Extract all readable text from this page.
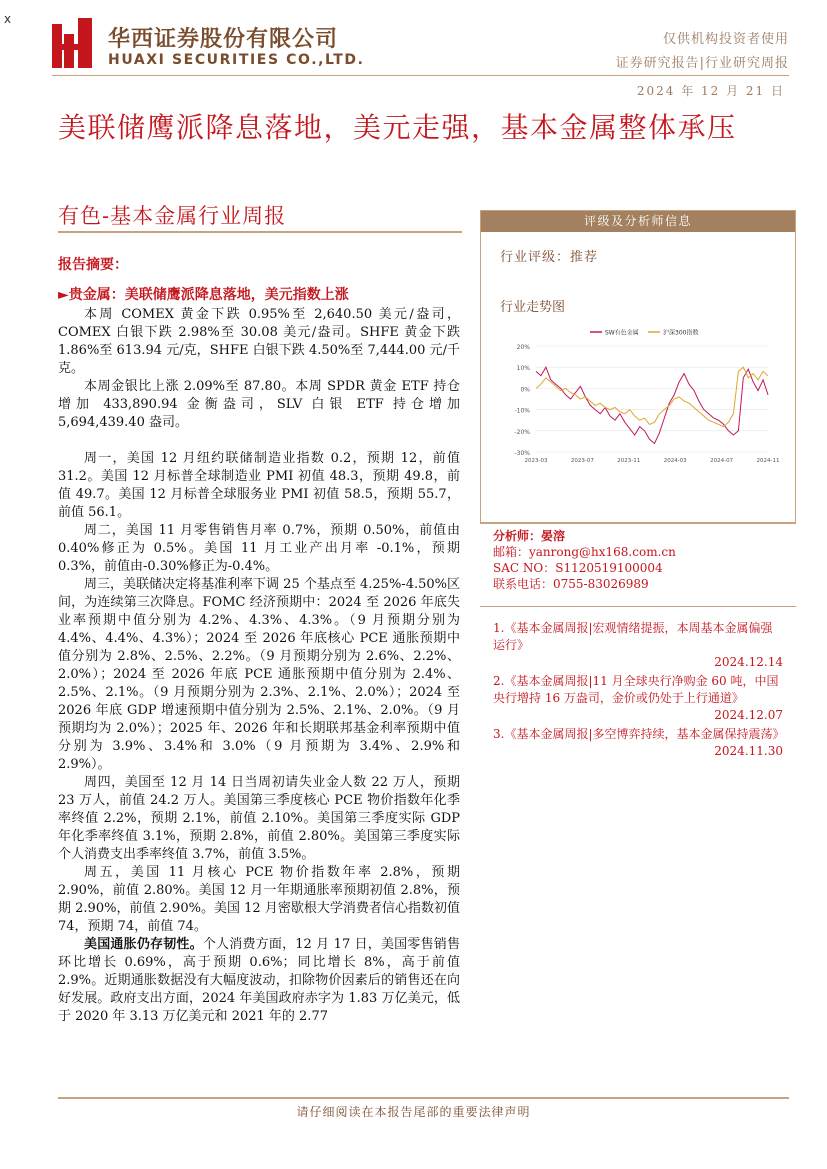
x
华西证券股份有限公司
HUAXI SECURITIES CO.,LTD.
仅供机构投资者使用
证券研究报告|行业研究周报
2024 年 12 月 21 日
美联储鹰派降息落地，美元走强，基本金属整体承压
有色-基本金属行业周报
报告摘要：
►贵金属：美联储鹰派降息落地，美元指数上涨

本周 COMEX 黄金下跌 0.95%至 2,640.50 美元/盎司，COMEX 白银下跌 2.98%至 30.08 美元/盎司。SHFE 黄金下跌 1.86%至 613.94 元/克，SHFE 白银下跌 4.50%至 7,444.00 元/千克。

本周金银比上涨 2.09%至 87.80。本周 SPDR 黄金 ETF 持仓增加 433,890.94 金衡盎司，SLV 白银 ETF 持仓增加 5,694,439.40 盎司。

周一，美国 12 月纽约联储制造业指数 0.2，预期 12，前值 31.2。美国 12 月标普全球制造业 PMI 初值 48.3，预期 49.8，前值 49.7。美国 12 月标普全球服务业 PMI 初值 58.5，预期 55.7，前值 56.1。

周二，美国 11 月零售销售月率 0.7%，预期 0.50%，前值由 0.40%修正为 0.5%。美国 11 月工业产出月率 -0.1%，预期 0.3%，前值由-0.30%修正为-0.4%。

周三，美联储决定将基准利率下调 25 个基点至 4.25%-4.50%区间，为连续第三次降息。FOMC 经济预期中：2024 至 2026 年底失业率预期中值分别为 4.2%、4.3%、4.3%。（9 月预期分别为 4.4%、4.4%、4.3%）；2024 至 2026 年底核心 PCE 通胀预期中值分别为 2.8%、2.5%、2.2%。（9 月预期分别为 2.6%、2.2%、2.0%）；2024 至 2026 年底 PCE 通胀预期中值分别为 2.4%、2.5%、2.1%。（9 月预期分别为 2.3%、2.1%、2.0%）；2024 至 2026 年底 GDP 增速预期中值分别为 2.5%、2.1%、2.0%。（9 月预期均为 2.0%）；2025 年、2026 年和长期联邦基金利率预期中值分别为 3.9%、3.4%和 3.0%（9 月预期为 3.4%、2.9%和 2.9%）。

周四，美国至 12 月 14 日当周初请失业金人数 22 万人，预期 23 万人，前值 24.2 万人。美国第三季度核心 PCE 物价指数年化季率终值 2.2%，预期 2.1%，前值 2.10%。美国第三季度实际 GDP 年化季率终值 3.1%，预期 2.8%，前值 2.80%。美国第三季度实际个人消费支出季率终值 3.7%，前值 3.5%。

周五，美国 11 月核心 PCE 物价指数年率 2.8%，预期 2.90%，前值 2.80%。美国 12 月一年期通胀率预期初值 2.8%，预期 2.90%，前值 2.90%。美国 12 月密歇根大学消费者信心指数初值 74，预期 74，前值 74。

美国通胀仍存韧性。个人消费方面，12 月 17 日，美国零售销售环比增长 0.69%，高于预期 0.6%；同比增长 8%，高于前值 2.9%。近期通胀数据没有大幅度波动，扣除物价因素后的销售还在向好发展。政府支出方面，2024 年美国政府赤字为 1.83 万亿美元，低于 2020 年 3.13 万亿美元和 2021 年的 2.77

评级及分析师信息
行业评级：推荐
行业走势图
SW有色金属	沪深300指数
20%
10%
0%
-10%
-20%
-30%
2023-03	2023-07	2023-11	2024-03	2024-07	2024-11
分析师：晏溶
邮箱：yanrong@hx168.com.cn
SAC NO：S1120519100004
联系电话：0755-83026989
1.《基本金属周报|宏观情绪提振，本周基本金属偏强运行》
2024.12.14
2.《基本金属周报|11 月全球央行净购金 60 吨，中国央行增持 16 万盎司，金价或仍处于上行通道》
2024.12.07
3.《基本金属周报|多空博弈持续，基本金属保持震荡》
2024.11.30
请仔细阅读在本报告尾部的重要法律声明
